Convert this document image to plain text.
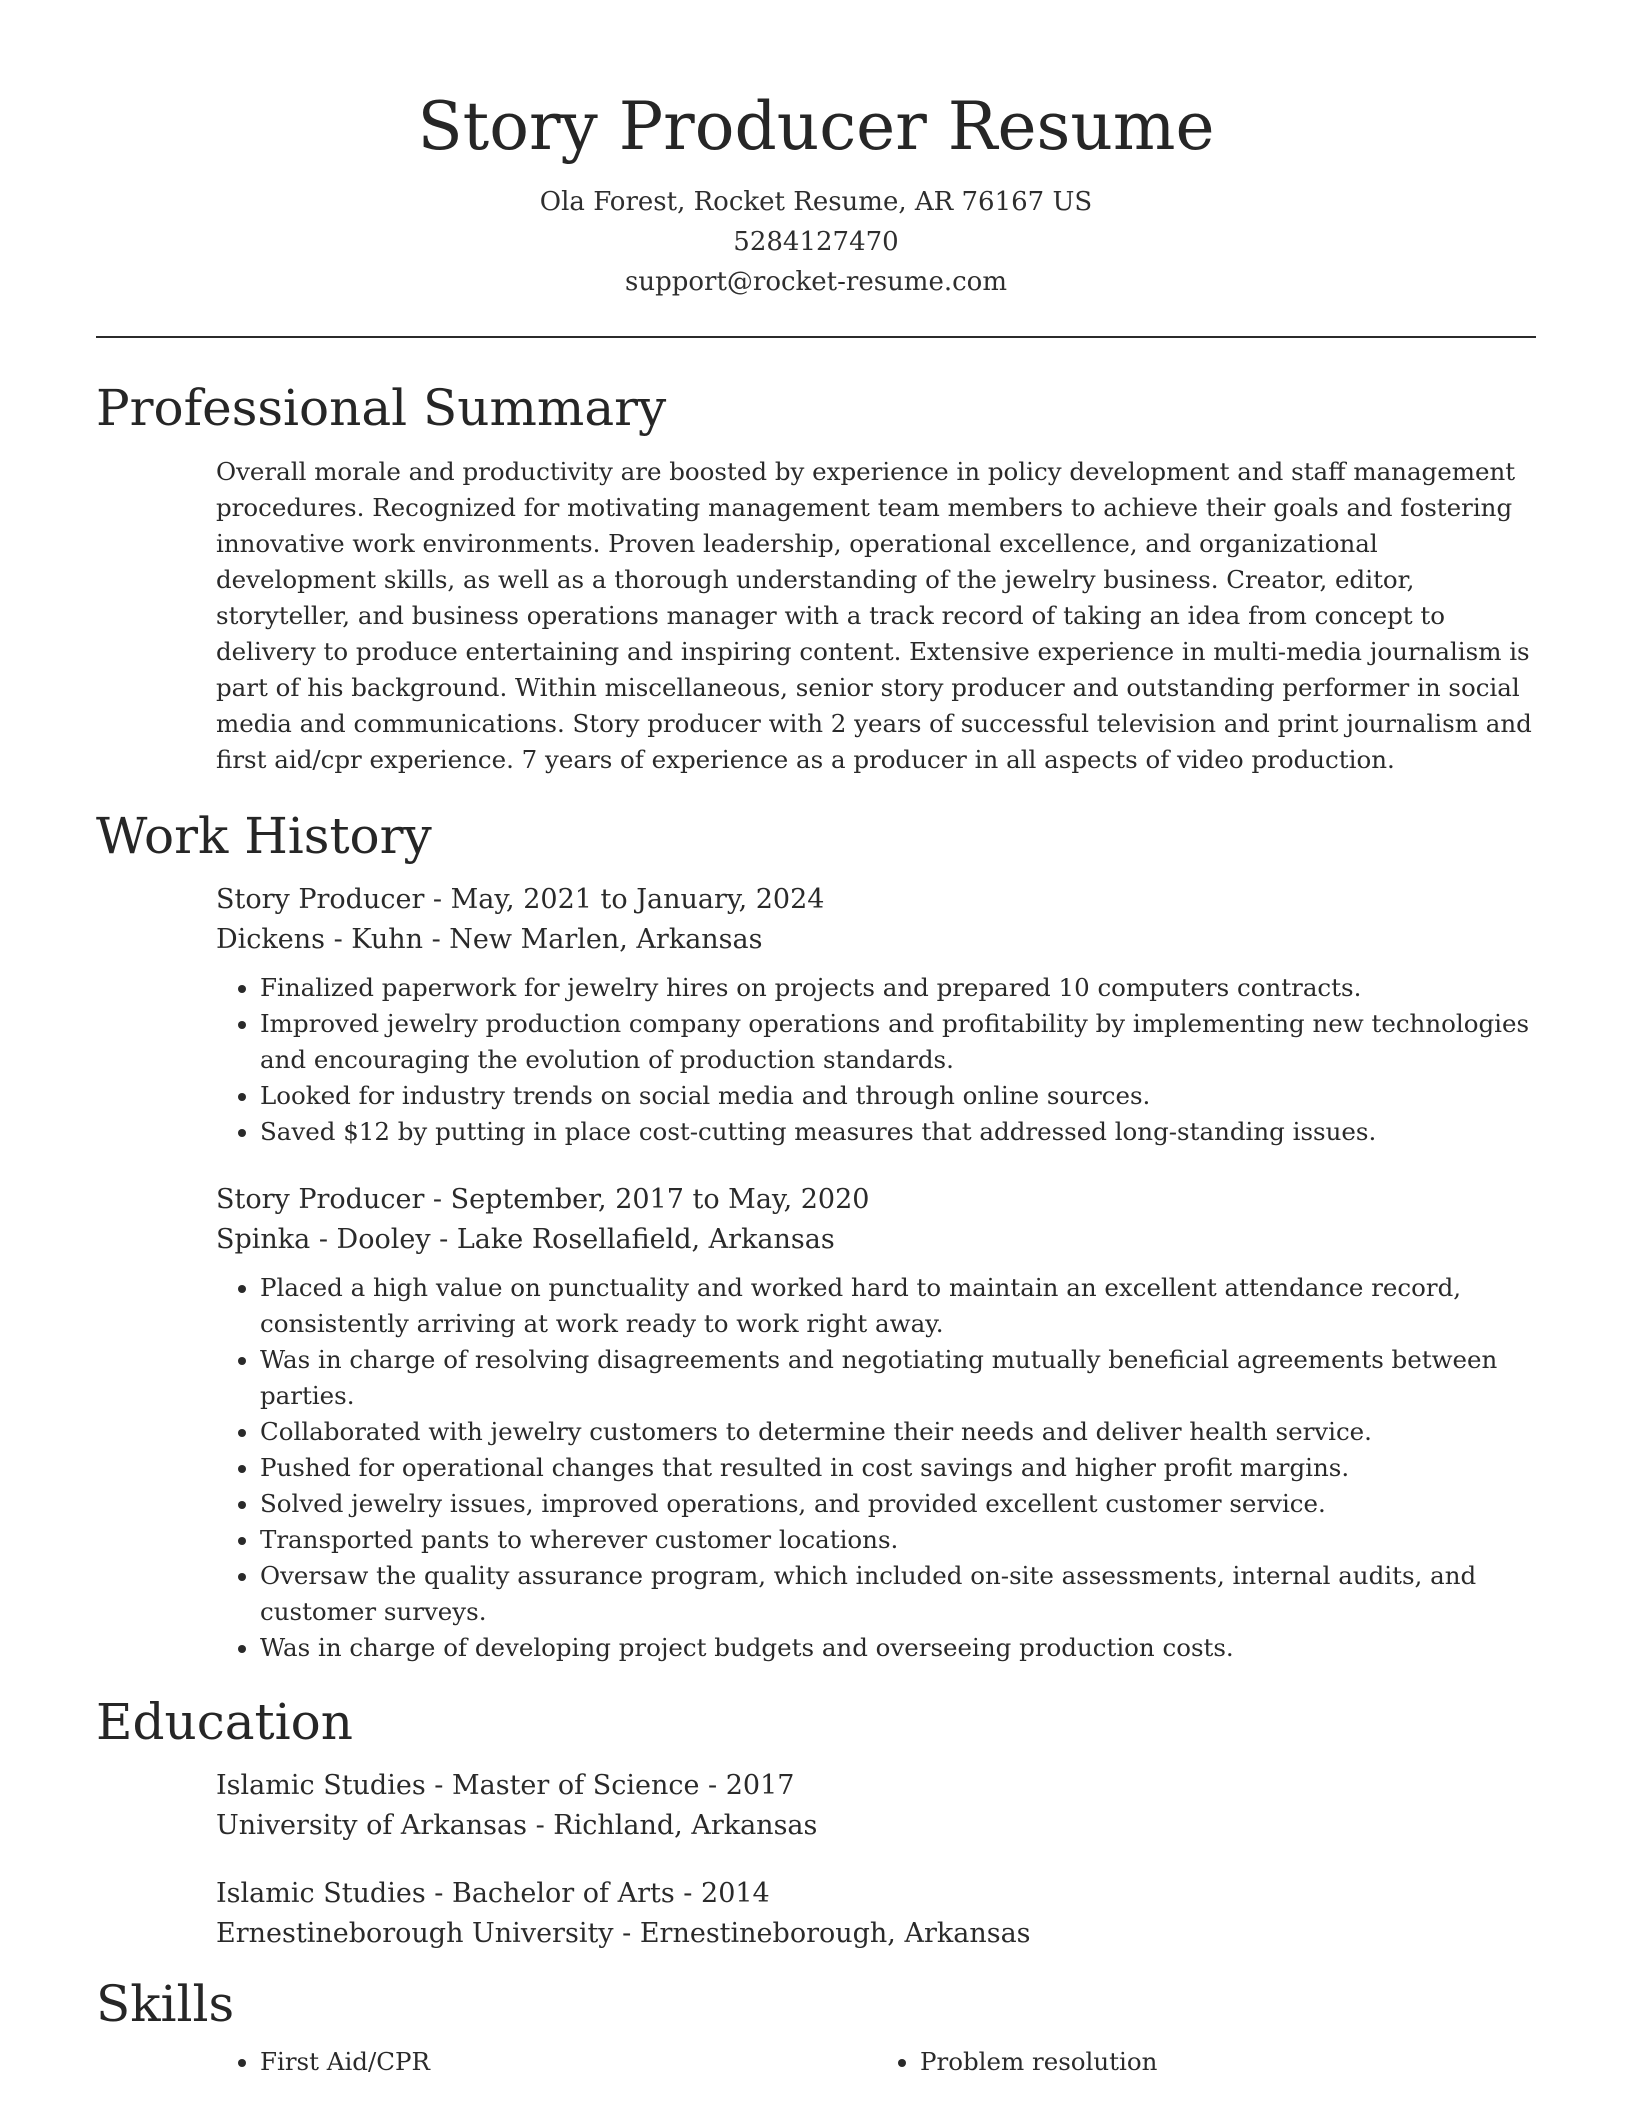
Story Producer Resume
Ola Forest, Rocket Resume, AR 76167 US
5284127470
support@rocket-resume.com
Professional Summary
Overall morale and productivity are boosted by experience in policy development and staff management procedures. Recognized for motivating management team members to achieve their goals and fostering innovative work environments. Proven leadership, operational excellence, and organizational development skills, as well as a thorough understanding of the jewelry business. Creator, editor, storyteller, and business operations manager with a track record of taking an idea from concept to delivery to produce entertaining and inspiring content. Extensive experience in multi-media journalism is part of his background. Within miscellaneous, senior story producer and outstanding performer in social media and communications. Story producer with 2 years of successful television and print journalism and first aid/cpr experience. 7 years of experience as a producer in all aspects of video production.
Work History
Story Producer - May, 2021 to January, 2024
Dickens - Kuhn - New Marlen, Arkansas
• Finalized paperwork for jewelry hires on projects and prepared 10 computers contracts.
• Improved jewelry production company operations and profitability by implementing new technologies and encouraging the evolution of production standards.
• Looked for industry trends on social media and through online sources.
• Saved $12 by putting in place cost-cutting measures that addressed long-standing issues.
Story Producer - September, 2017 to May, 2020
Spinka - Dooley - Lake Rosellafield, Arkansas
• Placed a high value on punctuality and worked hard to maintain an excellent attendance record, consistently arriving at work ready to work right away.
• Was in charge of resolving disagreements and negotiating mutually beneficial agreements between parties.
• Collaborated with jewelry customers to determine their needs and deliver health service.
• Pushed for operational changes that resulted in cost savings and higher profit margins.
• Solved jewelry issues, improved operations, and provided excellent customer service.
• Transported pants to wherever customer locations.
• Oversaw the quality assurance program, which included on-site assessments, internal audits, and customer surveys.
• Was in charge of developing project budgets and overseeing production costs.
Education
Islamic Studies - Master of Science - 2017
University of Arkansas - Richland, Arkansas
Islamic Studies - Bachelor of Arts - 2014
Ernestineborough University - Ernestineborough, Arkansas
Skills
• First Aid/CPR
•	Problem resolution
